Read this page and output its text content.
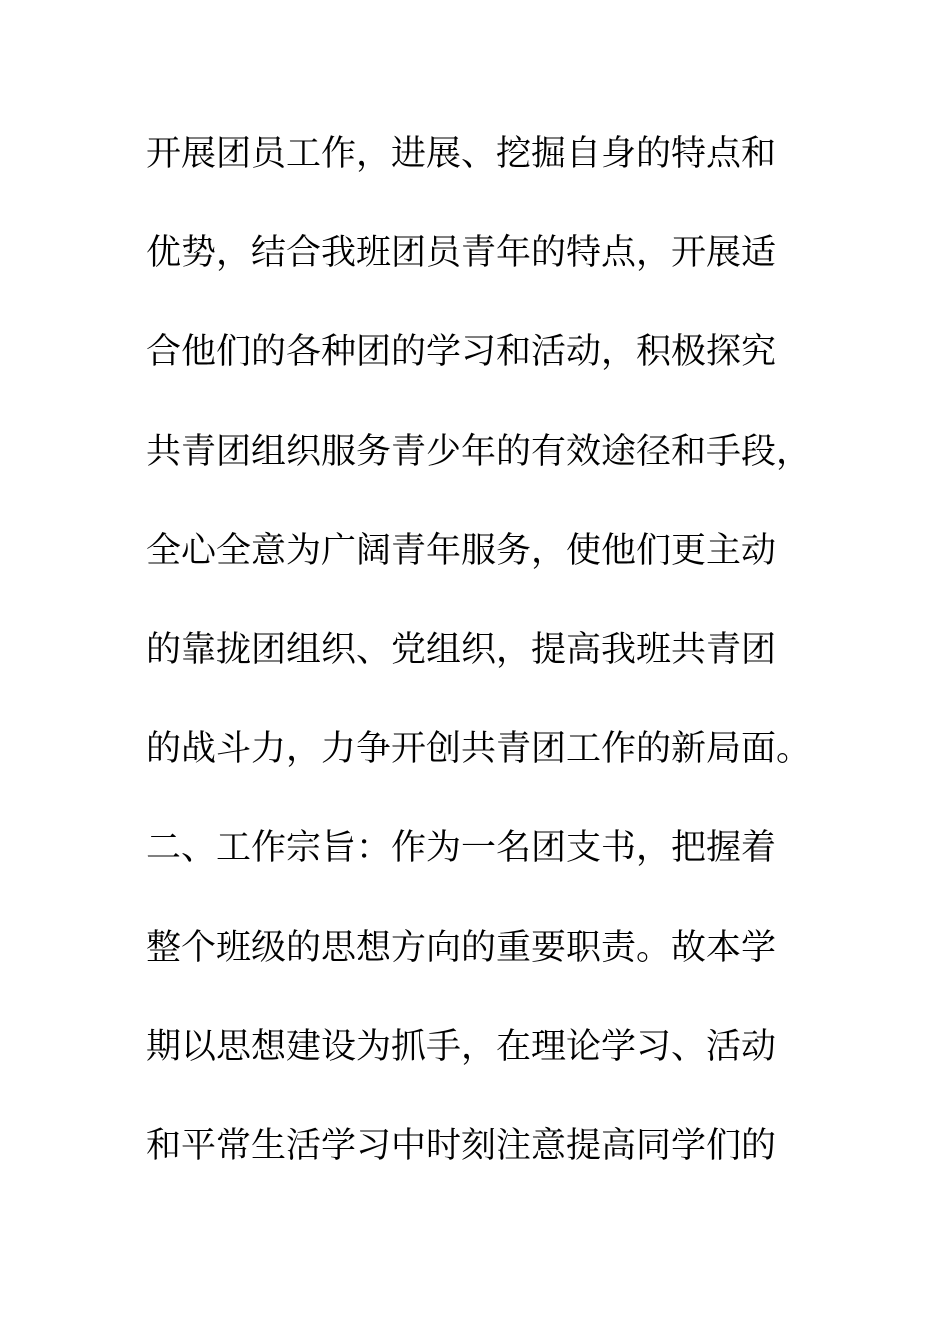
开展团员工作，进展、挖掘自身的特点和
优势，结合我班团员青年的特点，开展适
合他们的各种团的学习和活动，积极探究
共青团组织服务青少年的有效途径和手段，
全心全意为广阔青年服务，使他们更主动
的靠拢团组织、党组织，提高我班共青团
的战斗力，力争开创共青团工作的新局面。
二、工作宗旨：作为一名团支书，把握着
整个班级的思想方向的重要职责。故本学
期以思想建设为抓手，在理论学习、活动
和平常生活学习中时刻注意提高同学们的
